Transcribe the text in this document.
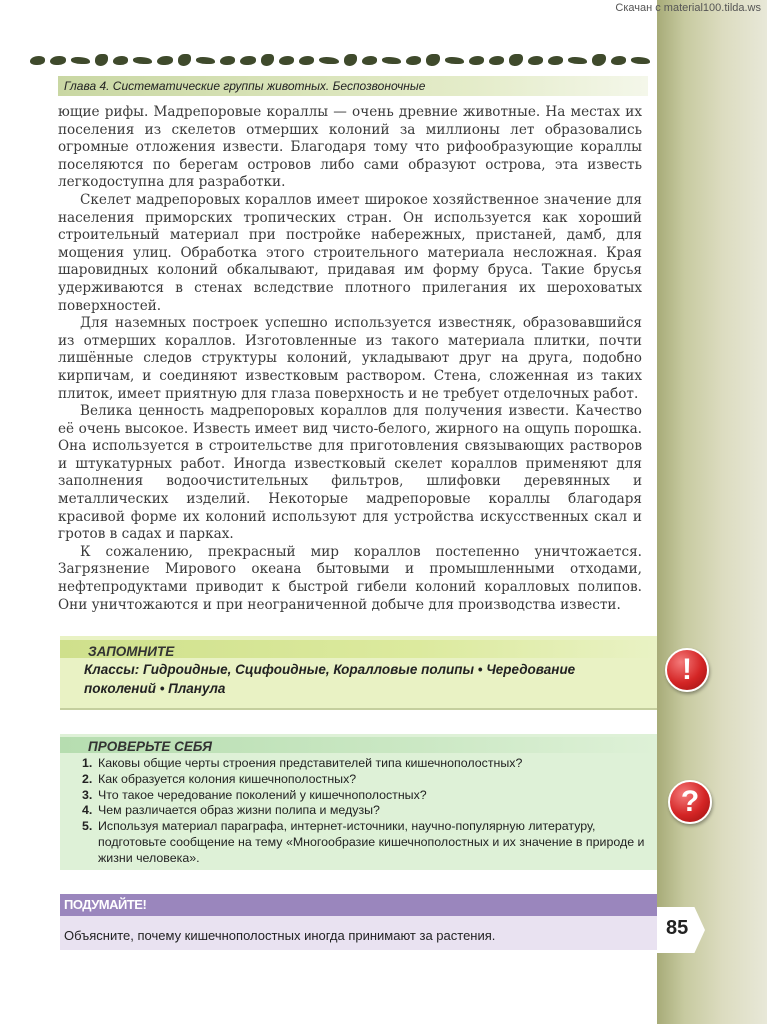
Скачан с material100.tilda.ws
Глава 4. Систематические группы животных. Беспозвоночные

ющие рифы. Мадрепоровые кораллы — очень древние животные. На местах их поселения из скелетов отмерших колоний за миллионы лет образовались огромные отложения извести. Благодаря тому что рифообразующие кораллы поселяются по берегам островов либо сами образуют острова, эта известь легкодоступна для разработки.

Скелет мадрепоровых кораллов имеет широкое хозяйственное значение для населения приморских тропических стран. Он используется как хороший строительный материал при постройке набережных, пристаней, дамб, для мощения улиц. Обработка этого строительного материала несложная. Края шаровидных колоний обкалывают, придавая им форму бруса. Такие брусья удерживаются в стенах вследствие плотного прилегания их шероховатых поверхностей.

Для наземных построек успешно используется известняк, образовавшийся из отмерших кораллов. Изготовленные из такого материала плитки, почти лишённые следов структуры колоний, укладывают друг на друга, подобно кирпичам, и соединяют известковым раствором. Стена, сложенная из таких плиток, имеет приятную для глаза поверхность и не требует отделочных работ.

Велика ценность мадрепоровых кораллов для получения извести. Качество её очень высокое. Известь имеет вид чисто-белого, жирного на ощупь порошка. Она используется в строительстве для приготовления связывающих растворов и штукатурных работ. Иногда известковый скелет кораллов применяют для заполнения водоочистительных фильтров, шлифовки деревянных и металлических изделий. Некоторые мадрепоровые кораллы благодаря красивой форме их колоний используют для устройства искусственных скал и гротов в садах и парках.

К сожалению, прекрасный мир кораллов постепенно уничтожается. Загрязнение Мирового океана бытовыми и промышленными отходами, нефтепродуктами приводит к быстрой гибели колоний коралловых полипов. Они уничтожаются и при неограниченной добыче для производства извести.

ЗАПОМНИТЕ
Классы: Гидроидные, Сцифоидные, Коралловые полипы • Чередование
поколений • Планула
!
ПРОВЕРЬТЕ СЕБЯ
1. Каковы общие черты строения представителей типа кишечнополостных?
2. Как образуется колония кишечнополостных?
3. Что такое чередование поколений у кишечнополостных?
4. Чем различается образ жизни полипа и медузы?
5. Используя материал параграфа, интернет-источники, научно-популярную литературу, подготовьте сообщение на тему «Многообразие кишечнополостных и их значение в природе и жизни человека».
?
ПОДУМАЙТЕ!
Объясните, почему кишечнополостных иногда принимают за растения.	85
